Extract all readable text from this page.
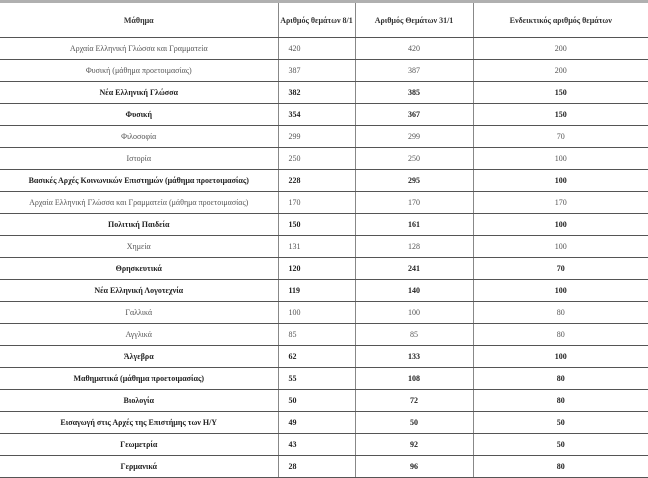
Μάθημα	Αριθμός θεμάτων 8/1	Αριθμός Θεμάτων 31/1	Ενδεικτικός αριθμός θεμάτων
Αρχαία Ελληνική Γλώσσα και Γραμματεία	420	420	200
Φυσική (μάθημα προετοιμασίας)	387	387	200
Νέα Ελληνική Γλώσσα	382	385	150
Φυσική	354	367	150
Φιλοσοφία	299	299	70
Ιστορία	250	250	100
Βασικές Αρχές Κοινωνικών Επιστημών (μάθημα προετοιμασίας)	228	295	100
Αρχαία Ελληνική Γλώσσα και Γραμματεία (μάθημα προετοιμασίας)	170	170	170
Πολιτική Παιδεία	150	161	100
Χημεία	131	128	100
Θρησκευτικά	120	241	70
Νέα Ελληνική Λογοτεχνία	119	140	100
Γαλλικά	100	100	80
Αγγλικά	85	85	80
Άλγεβρα	62	133	100
Μαθηματικά (μάθημα προετοιμασίας)	55	108	80
Βιολογία	50	72	80
Εισαγωγή στις Αρχές της Επιστήμης των Η/Υ	49	50	50
Γεωμετρία	43	92	50
Γερμανικά	28	96	80
